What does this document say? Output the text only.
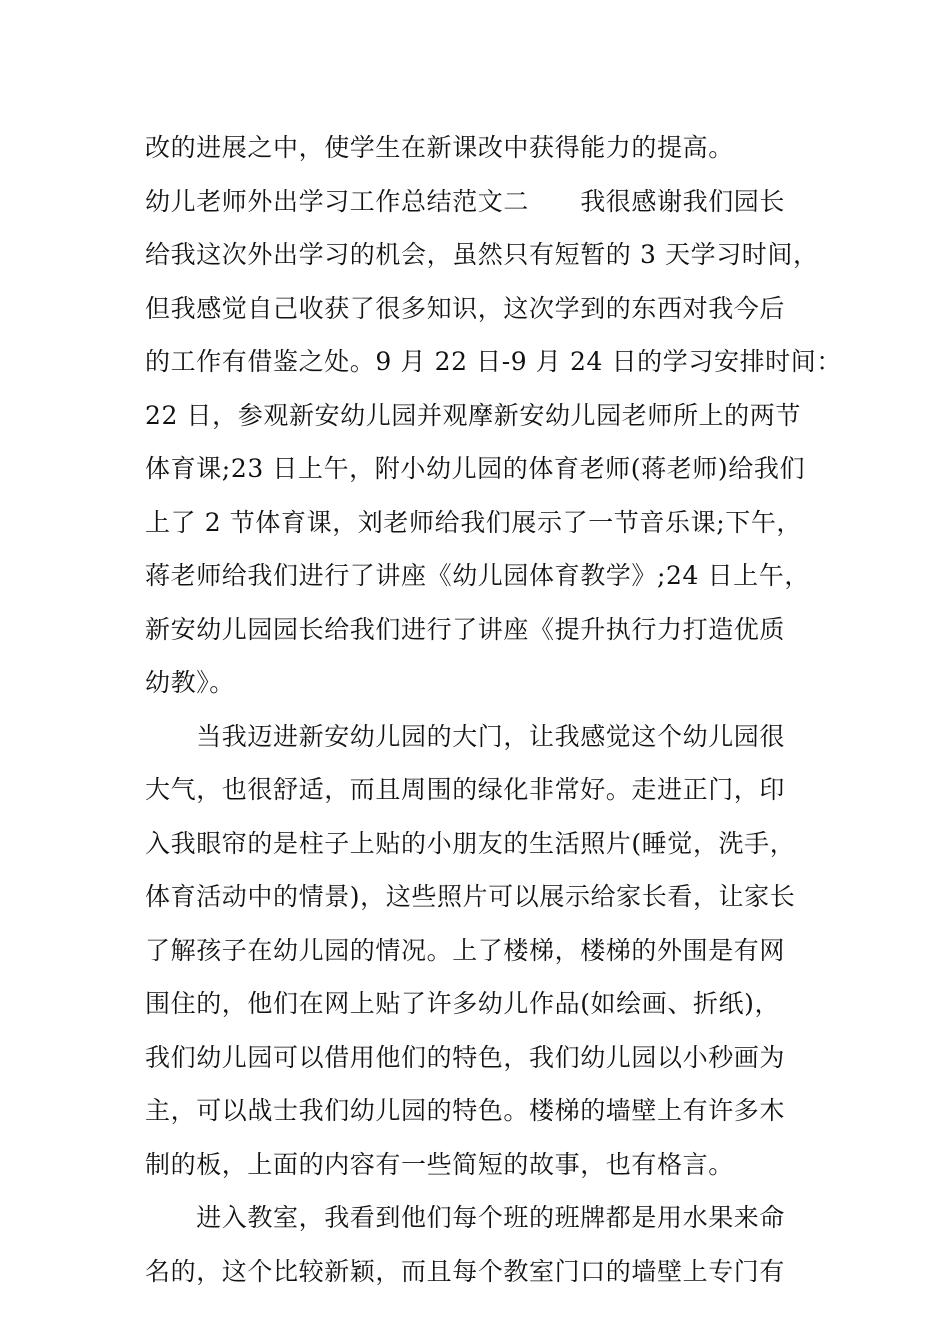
改的进展之中，使学生在新课改中获得能力的提高。
幼儿老师外出学习工作总结范文二　　我很感谢我们园长
给我这次外出学习的机会，虽然只有短暂的 3 天学习时间，
但我感觉自己收获了很多知识，这次学到的东西对我今后
的工作有借鉴之处。9 月 22 日-9 月 24 日的学习安排时间：
22 日，参观新安幼儿园并观摩新安幼儿园老师所上的两节
体育课;23 日上午，附小幼儿园的体育老师(蒋老师)给我们
上了 2 节体育课，刘老师给我们展示了一节音乐课;下午，
蒋老师给我们进行了讲座《幼儿园体育教学》;24 日上午，
新安幼儿园园长给我们进行了讲座《提升执行力打造优质
幼教》。
　　当我迈进新安幼儿园的大门，让我感觉这个幼儿园很
大气，也很舒适，而且周围的绿化非常好。走进正门，印
入我眼帘的是柱子上贴的小朋友的生活照片(睡觉，洗手，
体育活动中的情景)，这些照片可以展示给家长看，让家长
了解孩子在幼儿园的情况。上了楼梯，楼梯的外围是有网
围住的，他们在网上贴了许多幼儿作品(如绘画、折纸)，
我们幼儿园可以借用他们的特色，我们幼儿园以小秒画为
主，可以战士我们幼儿园的特色。楼梯的墙壁上有许多木
制的板，上面的内容有一些简短的故事，也有格言。
　　进入教室，我看到他们每个班的班牌都是用水果来命
名的，这个比较新颖，而且每个教室门口的墙壁上专门有
